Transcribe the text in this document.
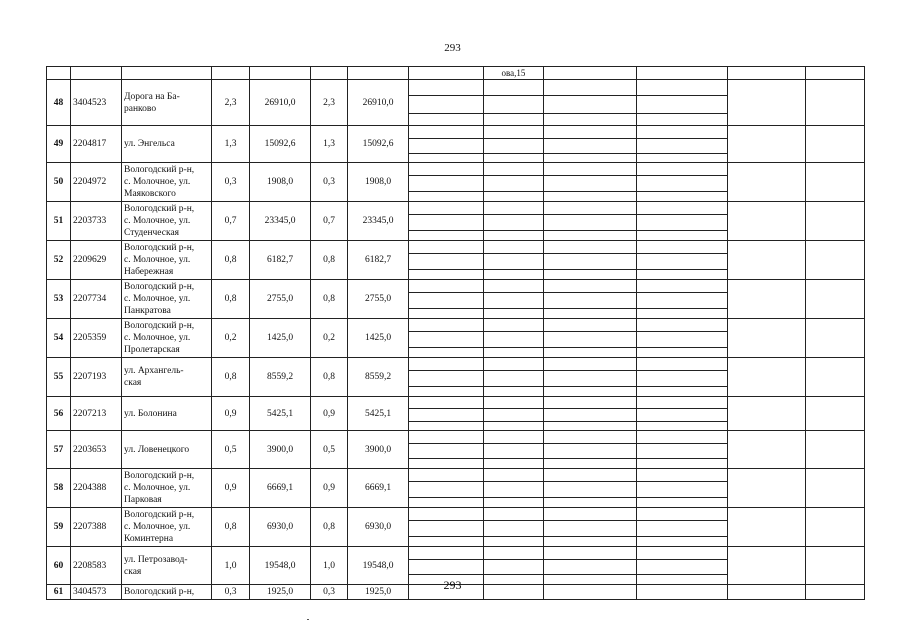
293

								ова,15				

48	3404523	Дорога на Ба-
ранково	2,3	26910,0	2,3	26910,0	

49	2204817	ул. Энгельса	1,3	15092,6	1,3	15092,6	

50	2204972	Вологодский р-н,
с. Молочное, ул.
Маяковского	0,3	1908,0	0,3	1908,0	

51	2203733	Вологодский р-н,
с. Молочное, ул.
Студенческая	0,7	23345,0	0,7	23345,0	

52	2209629	Вологодский р-н,
с. Молочное, ул.
Набережная	0,8	6182,7	0,8	6182,7	

53	2207734	Вологодский р-н,
с. Молочное, ул.
Панкратова	0,8	2755,0	0,8	2755,0	

54	2205359	Вологодский р-н,
с. Молочное, ул.
Пролетарская	0,2	1425,0	0,2	1425,0	

55	2207193	ул. Архангель-
ская	0,8	8559,2	0,8	8559,2	

56	2207213	ул. Болонина	0,9	5425,1	0,9	5425,1	

57	2203653	ул. Ловенецкого	0,5	3900,0	0,5	3900,0	

58	2204388	Вологодский р-н,
с. Молочное, ул.
Парковая	0,9	6669,1	0,9	6669,1	

59	2207388	Вологодский р-н,
с. Молочное, ул.
Коминтерна	0,8	6930,0	0,8	6930,0	

60	2208583	ул. Петрозавод-
ская	1,0	19548,0	1,0	19548,0	

61	3404573	Вологодский р-н,	0,3	1925,0	0,3	1925,0							293
